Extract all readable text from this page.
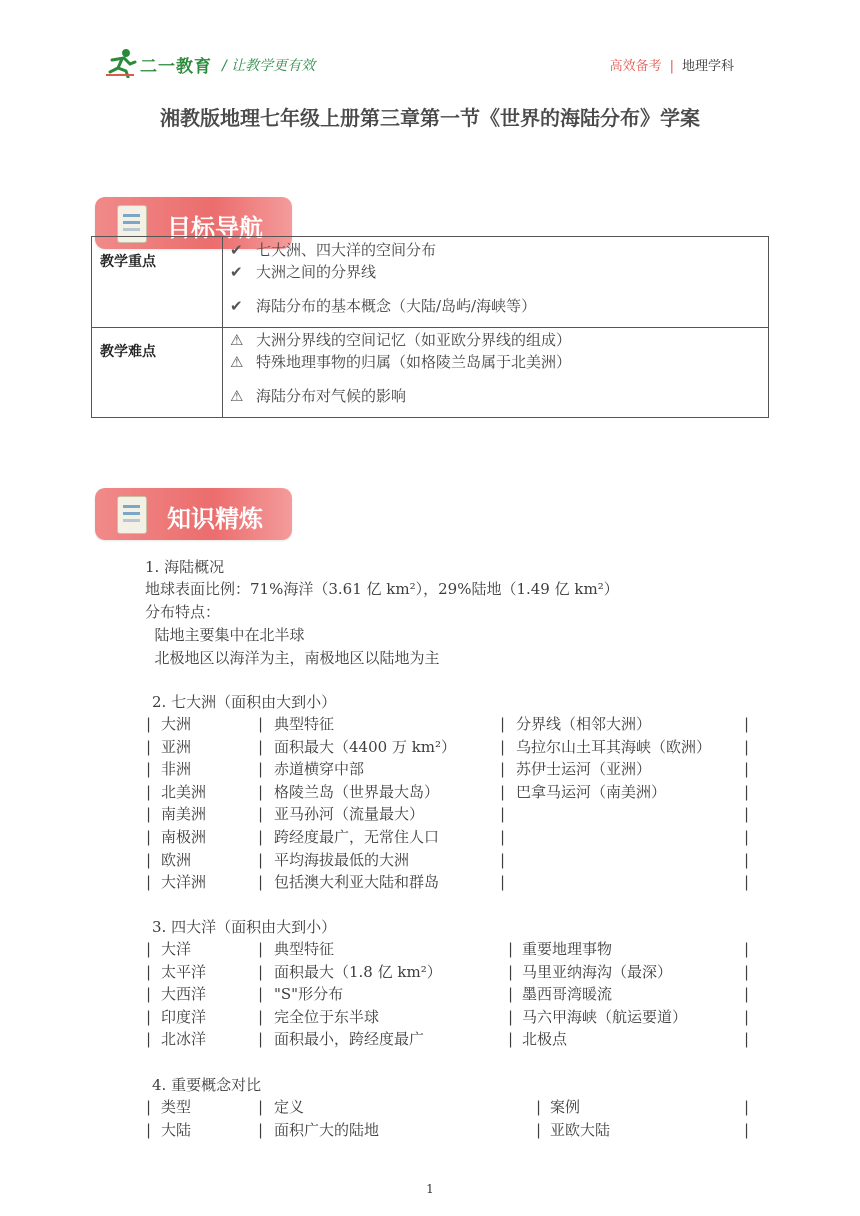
二一教育 / 让教学更有效	高效备考 | 地理学科
湘教版地理七年级上册第三章第一节《世界的海陆分布》学案
目标导航
教学重点
✔ 七大洲、四大洋的空间分布
✔ 大洲之间的分界线
✔ 海陆分布的基本概念（大陆/岛屿/海峡等）
教学难点
⚠ 大洲分界线的空间记忆（如亚欧分界线的组成）
⚠ 特殊地理事物的归属（如格陵兰岛属于北美洲）
⚠ 海陆分布对气候的影响
知识精炼
1. 海陆概况
地球表面比例：71%海洋（3.61 亿 km²），29%陆地（1.49 亿 km²）
分布特点：
陆地主要集中在北半球
北极地区以海洋为主，南极地区以陆地为主
2. 七大洲（面积由大到小）
|	|	|	|
大洲	典型特征	分界线（相邻大洲）
|	|	|	|
亚洲	面积最大（4400 万 km²）	乌拉尔山土耳其海峡（欧洲）
|	|	|	|
非洲	赤道横穿中部	苏伊士运河（亚洲）
|	|	|	|
北美洲	格陵兰岛（世界最大岛）	巴拿马运河（南美洲）
|	|	|	|
南美洲	亚马孙河（流量最大）
|	|	|	|
南极洲	跨经度最广，无常住人口
|	|	|	|
欧洲	平均海拔最低的大洲
|	|	|	|
大洋洲	包括澳大利亚大陆和群岛
3. 四大洋（面积由大到小）
|	|	|	|
大洋	典型特征	重要地理事物
|	|	|	|
太平洋	面积最大（1.8 亿 km²）	马里亚纳海沟（最深）
|	|	|	|
大西洋	"S"形分布	墨西哥湾暖流
|	|	|	|
印度洋	完全位于东半球	马六甲海峡（航运要道）
|	|	|	|
北冰洋	面积最小，跨经度最广	北极点
4. 重要概念对比
|	|	|	|
类型	定义	案例
|	|	|	|
大陆	面积广大的陆地	亚欧大陆
1
